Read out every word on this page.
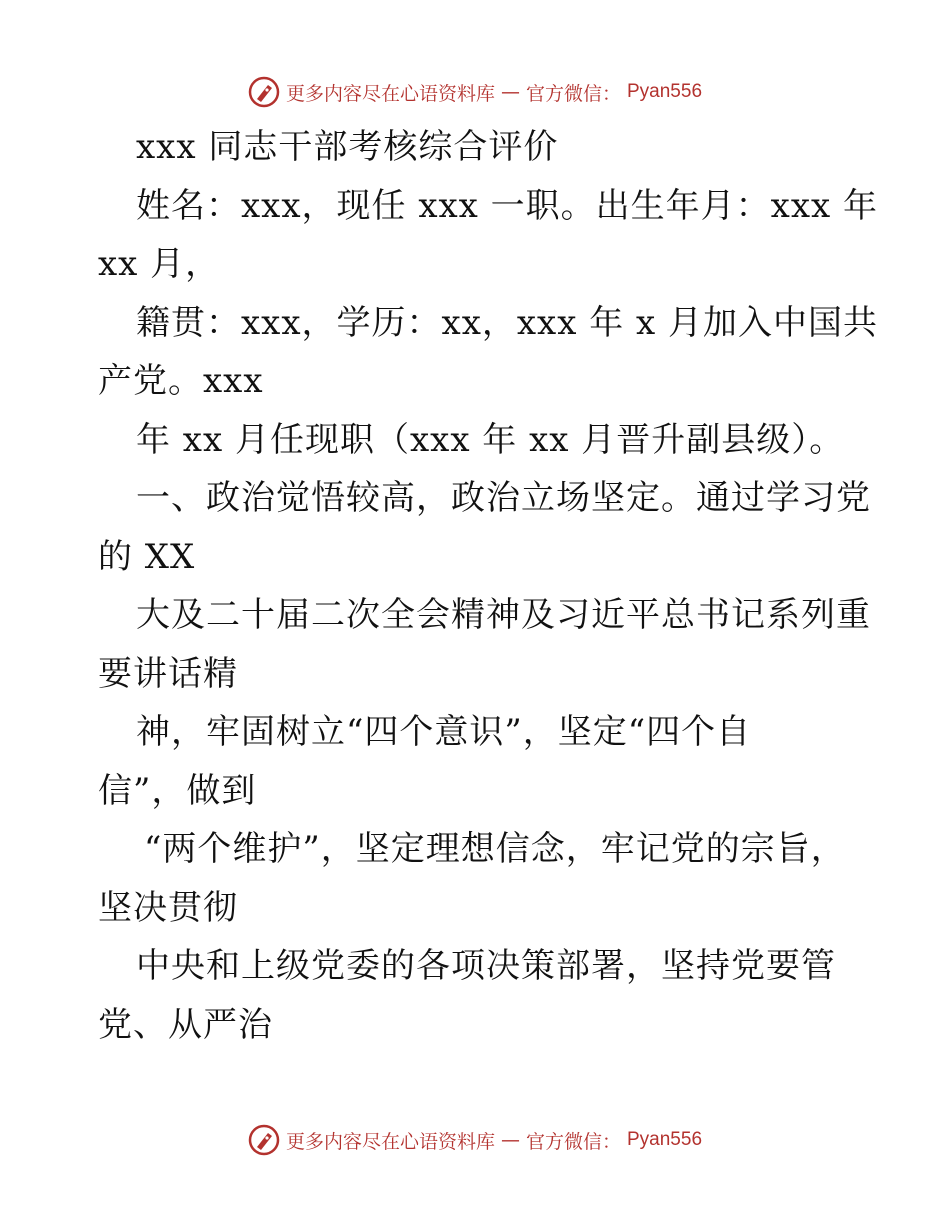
更多内容尽在心语资料库 — 官方微信： Pyan556
xxx 同志干部考核综合评价
姓名：xxx，现任 xxx 一职。出生年月：xxx 年
xx 月，
籍贯：xxx，学历：xx，xxx 年 x 月加入中国共
产党。xxx
年 xx 月任现职（xxx 年 xx 月晋升副县级）。
一、政治觉悟较高，政治立场坚定。通过学习党
的 XX
大及二十届二次全会精神及习近平总书记系列重
要讲话精
神，牢固树立“四个意识”，坚定“四个自
信”，做到
“两个维护”，坚定理想信念，牢记党的宗旨，
坚决贯彻
中央和上级党委的各项决策部署，坚持党要管
党、从严治
更多内容尽在心语资料库 — 官方微信： Pyan556
